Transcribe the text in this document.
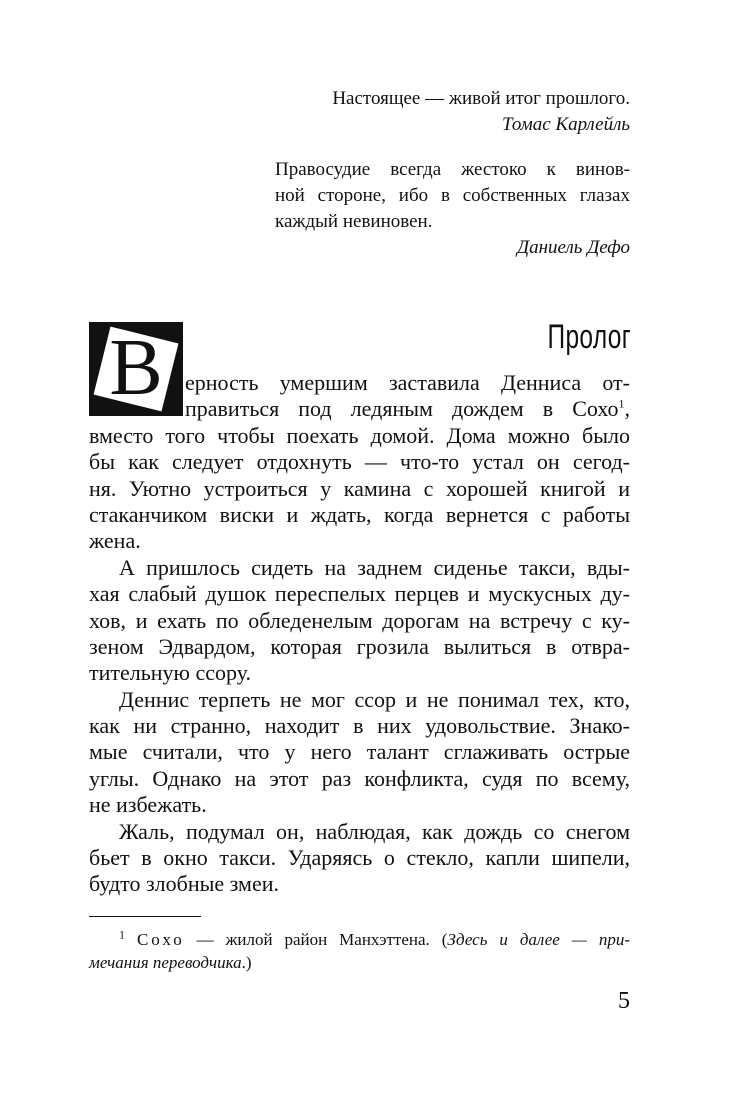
Настоящее — живой итог прошлого.
Томас Карлейль
Правосудие всегда жестоко к винов-
ной стороне, ибо в собственных глазах
каждый невиновен.
Даниель Дефо
Пролог
В	ерность умершим заставила Денниса от-
правиться под ледяным дождем в Сохо$^1$,
вместо того чтобы поехать домой. Дома можно было
бы как следует отдохнуть — что-то устал он сегод-
ня. Уютно устроиться у камина с хорошей книгой и
стаканчиком виски и ждать, когда вернется с работы
жена.
А пришлось сидеть на заднем сиденье такси, вды-
хая слабый душок переспелых перцев и мускусных ду-
хов, и ехать по обледенелым дорогам на встречу с ку-
зеном Эдвардом, которая грозила вылиться в отвра-
тительную ссору.
Деннис терпеть не мог ссор и не понимал тех, кто,
как ни странно, находит в них удовольствие. Знако-
мые считали, что у него талант сглаживать острые
углы. Однако на этот раз конфликта, судя по всему,
не избежать.
Жаль, подумал он, наблюдая, как дождь со снегом
бьет в окно такси. Ударяясь о стекло, капли шипели,
будто злобные змеи.
$^1$ Сохо — жилой район Манхэттена. (Здесь и далее — при-
мечания переводчика.)
5
